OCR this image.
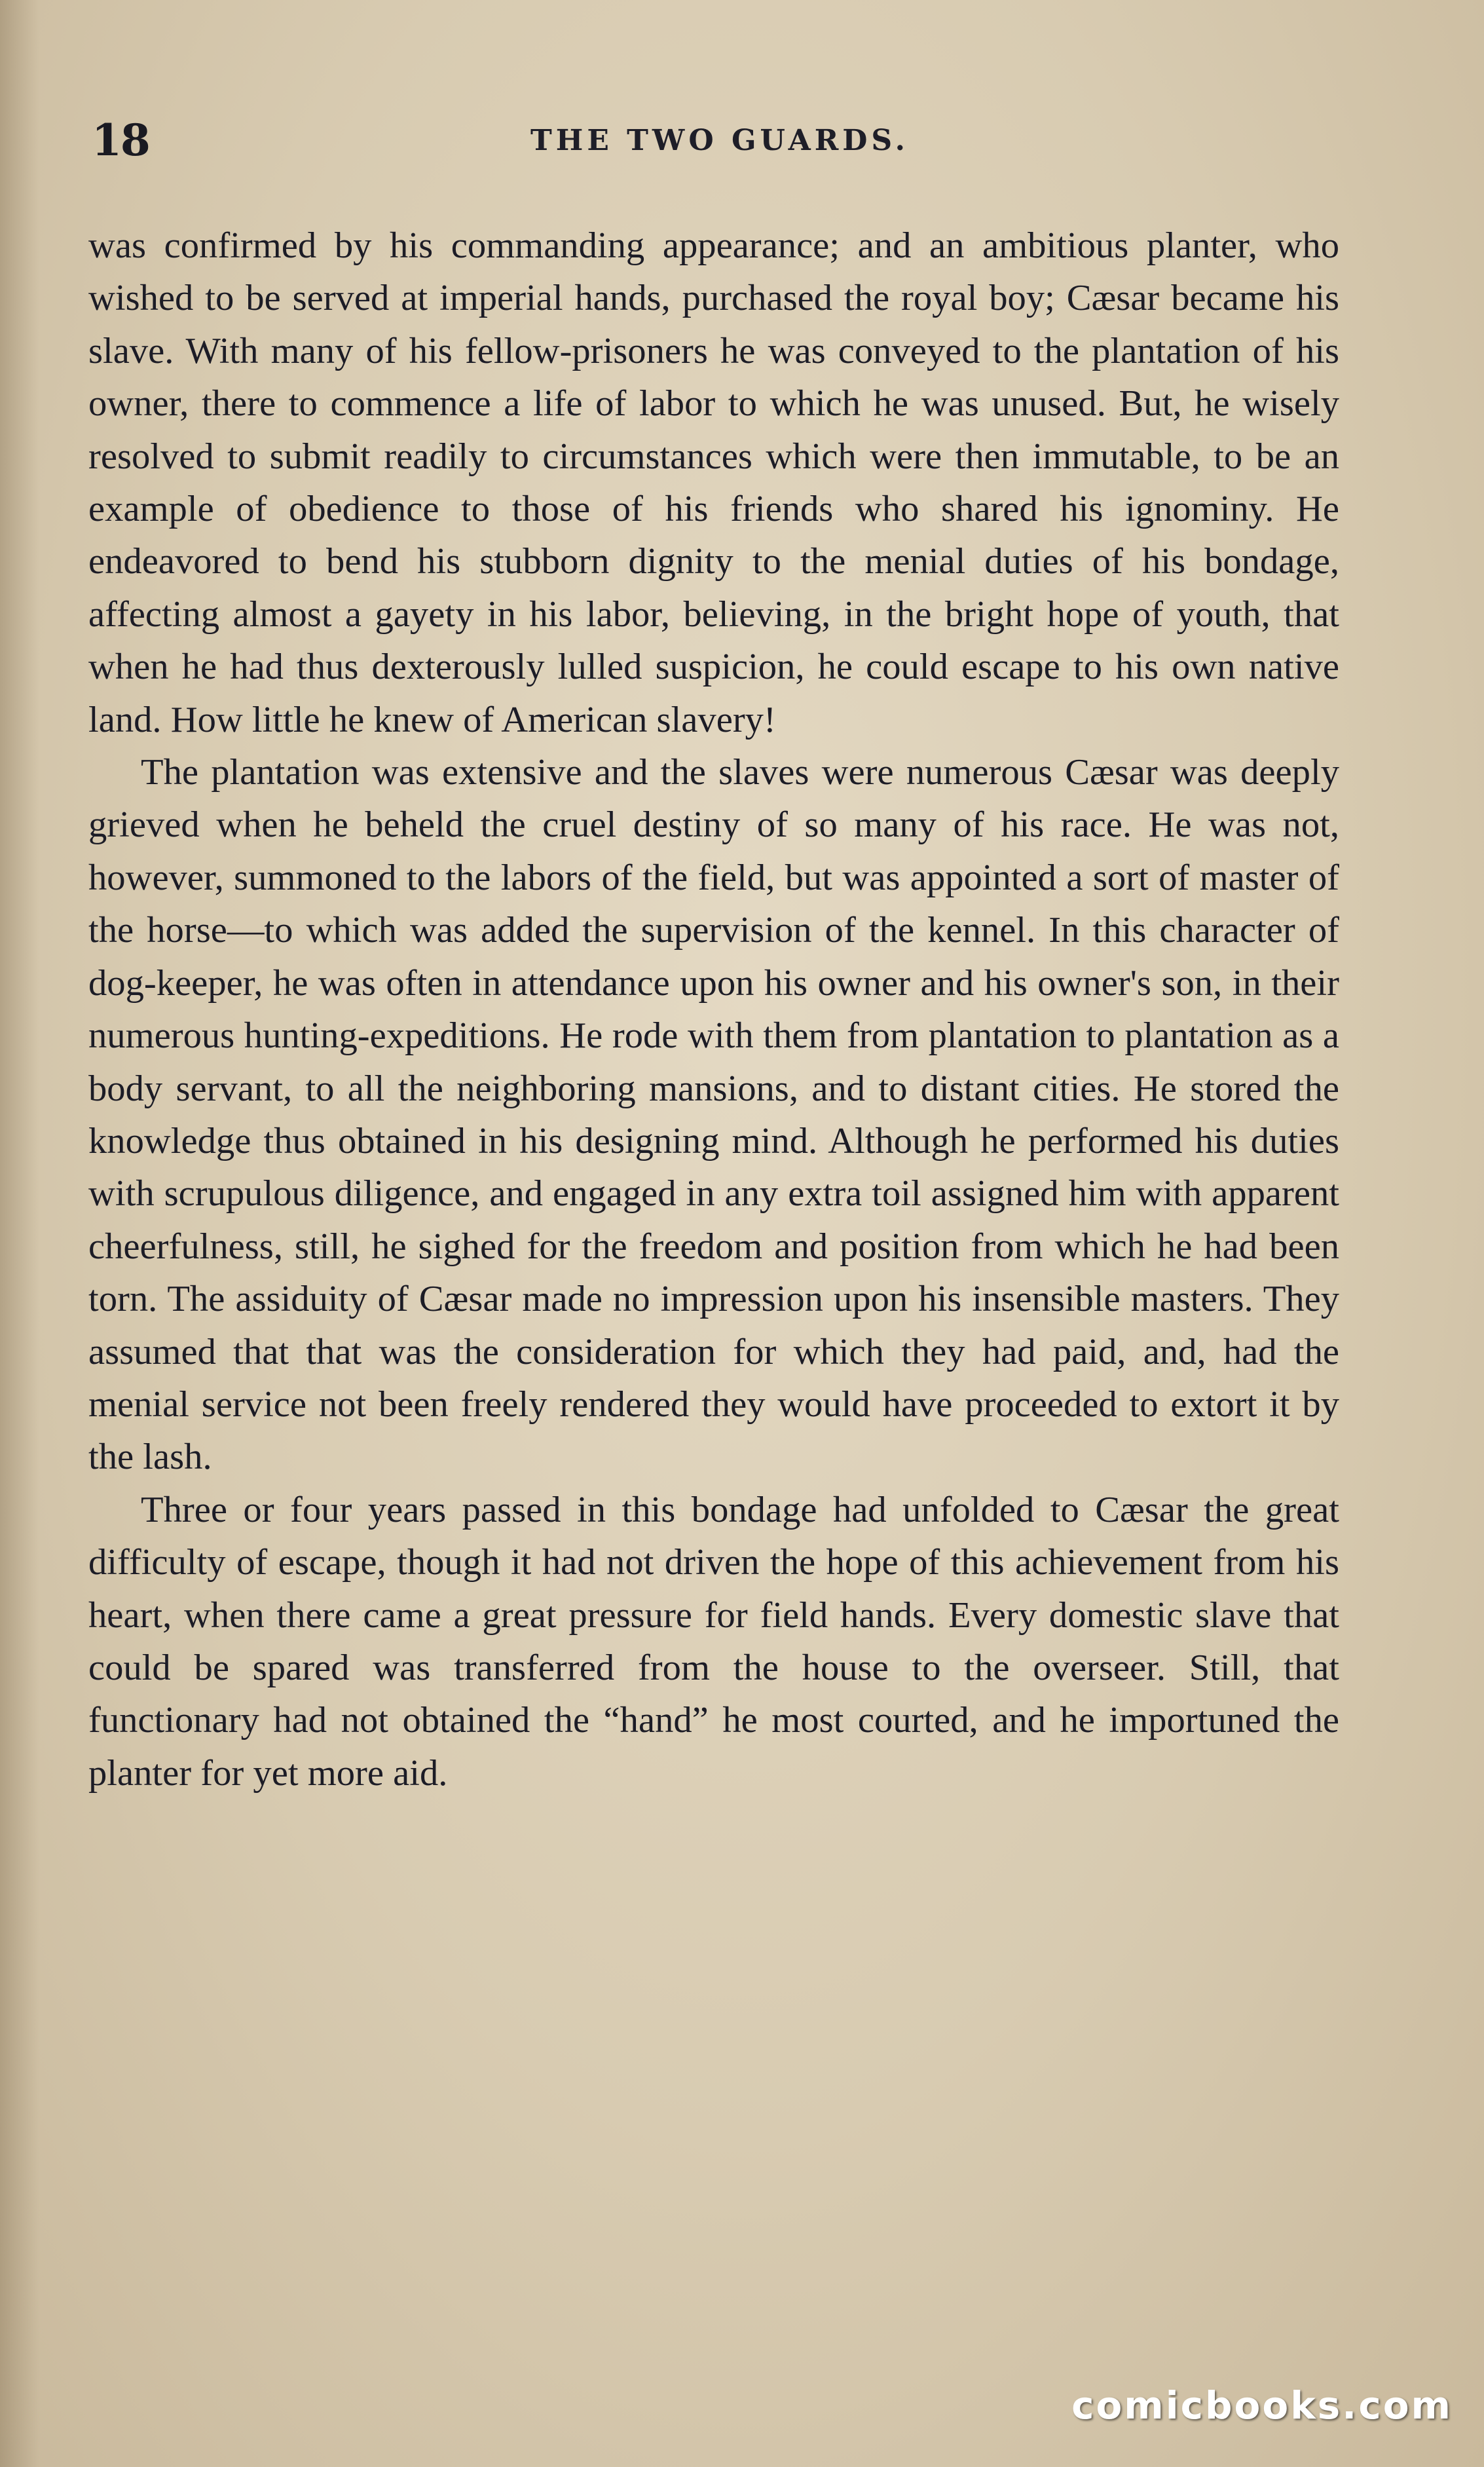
18	THE TWO GUARDS.

was confirmed by his commanding appearance; and an ambitious planter, who wished to be served at imperial hands, purchased the royal boy; Cæsar became his slave. With many of his fellow-prisoners he was conveyed to the plantation of his owner, there to commence a life of labor to which he was unused. But, he wisely resolved to submit readily to circumstances which were then immutable, to be an example of obedience to those of his friends who shared his ignominy. He endeavored to bend his stubborn dignity to the menial duties of his bondage, affecting almost a gayety in his labor, believing, in the bright hope of youth, that when he had thus dexterously lulled suspicion, he could escape to his own native land. How little he knew of American slavery!

The plantation was extensive and the slaves were numerous Cæsar was deeply grieved when he beheld the cruel destiny of so many of his race. He was not, however, summoned to the labors of the field, but was appointed a sort of master of the horse—to which was added the supervision of the kennel. In this character of dog-keeper, he was often in attendance upon his owner and his owner's son, in their numerous hunting-expeditions. He rode with them from plantation to plantation as a body servant, to all the neighboring mansions, and to distant cities. He stored the knowledge thus obtained in his designing mind. Although he performed his duties with scrupulous diligence, and engaged in any extra toil assigned him with apparent cheerfulness, still, he sighed for the freedom and position from which he had been torn. The assiduity of Cæsar made no impression upon his insensible masters. They assumed that that was the consideration for which they had paid, and, had the menial service not been freely rendered they would have proceeded to extort it by the lash.

Three or four years passed in this bondage had unfolded to Cæsar the great difficulty of escape, though it had not driven the hope of this achievement from his heart, when there came a great pressure for field hands. Every domestic slave that could be spared was transferred from the house to the overseer. Still, that functionary had not obtained the “hand” he most courted, and he importuned the planter for yet more aid.

comicbooks.com
